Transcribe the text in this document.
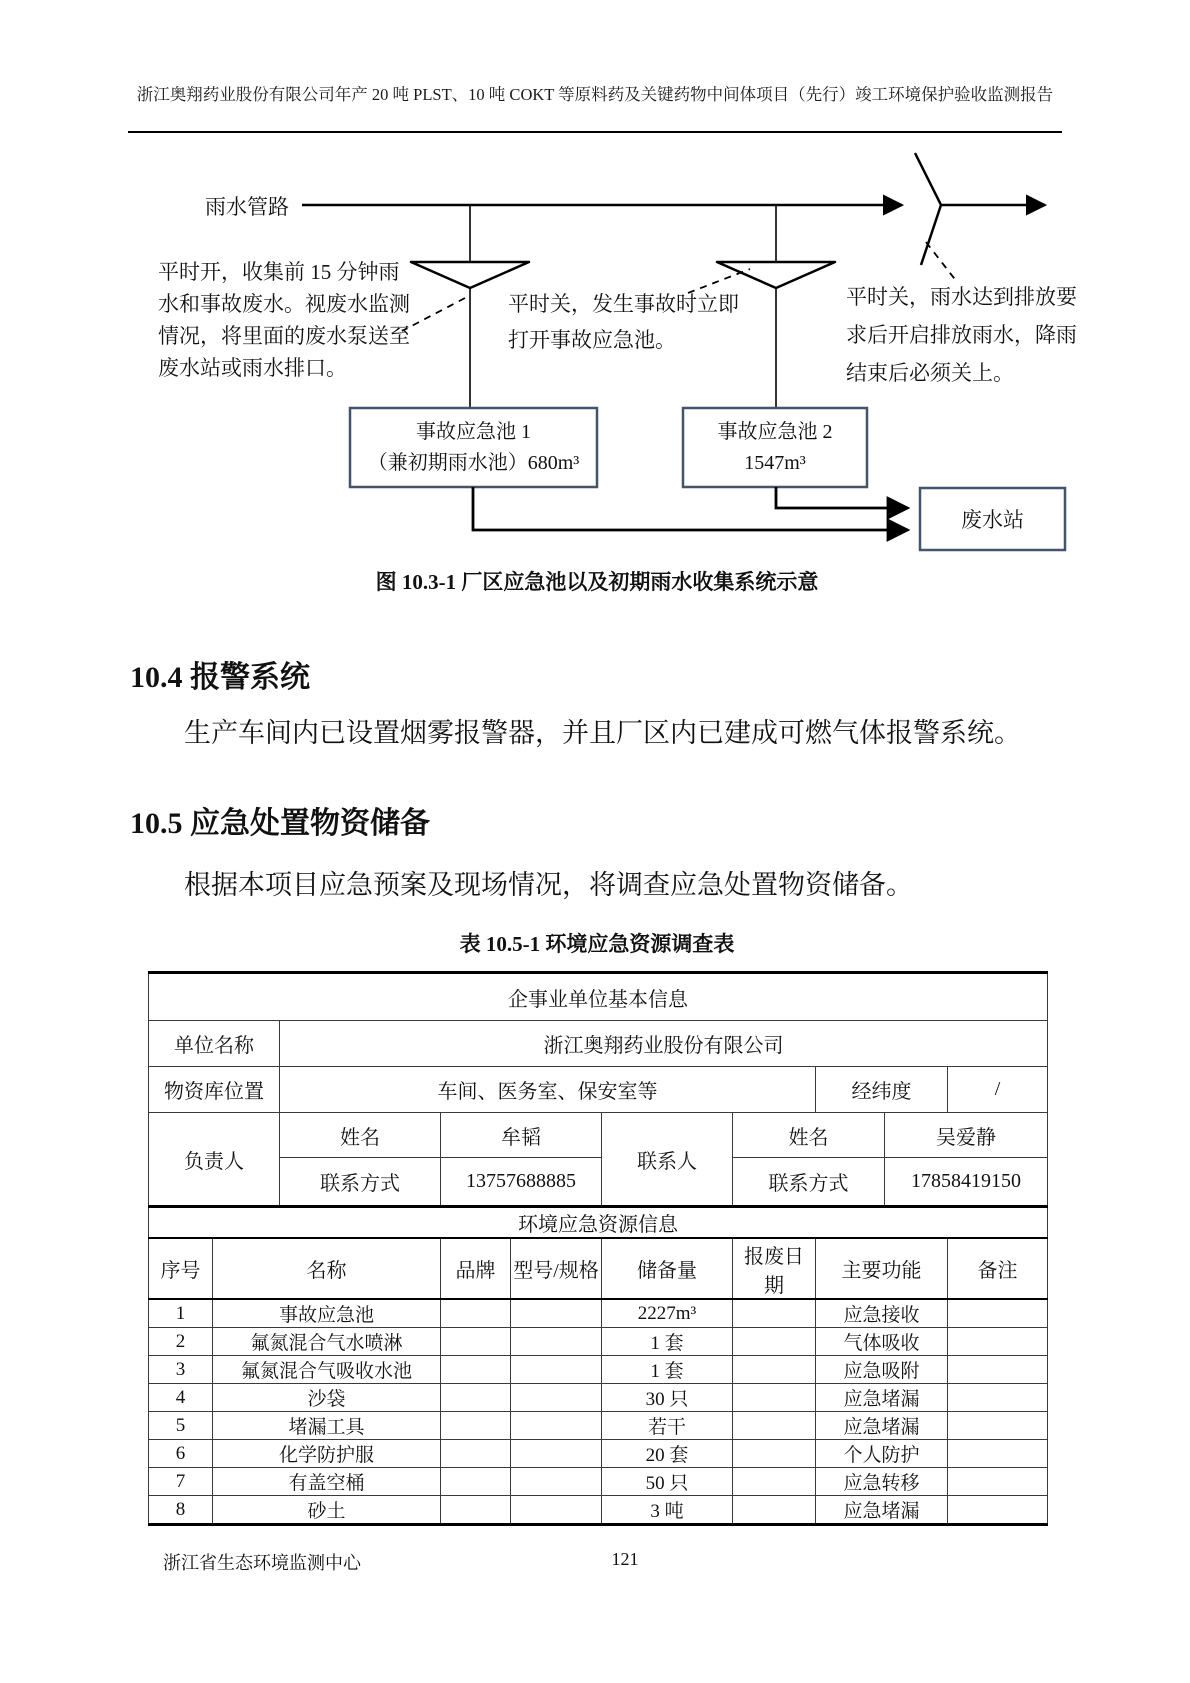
浙江奥翔药业股份有限公司年产 20 吨 PLST、10 吨 COKT 等原料药及关键药物中间体项目（先行）竣工环境保护验收监测报告
雨水管路
平时开，收集前 15 分钟雨水和事故废水。视废水监测情况，将里面的废水泵送至废水站或雨水排口。
平时关，发生事故时立即打开事故应急池。
平时关，雨水达到排放要求后开启排放雨水，降雨结束后必须关上。
事故应急池 1
（兼初期雨水池）680m³
事故应急池 2
1547m³
废水站
图 10.3-1 厂区应急池以及初期雨水收集系统示意
10.4 报警系统
生产车间内已设置烟雾报警器，并且厂区内已建成可燃气体报警系统。
10.5 应急处置物资储备
根据本项目应急预案及现场情况，将调查应急处置物资储备。
表 10.5-1 环境应急资源调查表
企事业单位基本信息									
单位名称		浙江奥翔药业股份有限公司							
物资库位置		车间、医务室、保安室等					经纬度		/
负责人		姓名	牟韬		联系人	姓名		吴爱静	
		联系方式	13757688885			联系方式		17858419150	
环境应急资源信息									
序号	名称		品牌	型号/规格	储备量	报废日期	主要功能		备注
1	事故应急池				2227m³		应急接收		
2	氟氮混合气水喷淋				1 套		气体吸收		
3	氟氮混合气吸收水池				1 套		应急吸附		
4	沙袋				30 只		应急堵漏		
5	堵漏工具				若干		应急堵漏		
6	化学防护服				20 套		个人防护		
7	有盖空桶				50 只		应急转移		
8	砂土				3 吨		应急堵漏		
浙江省生态环境监测中心	121
